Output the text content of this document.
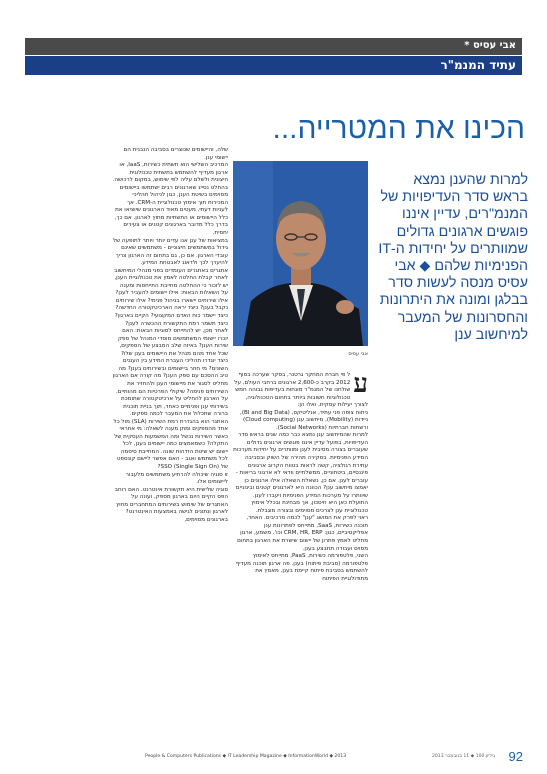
אבי עסיס *
עתיד המנמ"ר
הכינו את המטרייה...
למרות שהענן נמצא בראש סדר העדיפויות של המנמ"רים, עדיין איננו פוגשים ארגונים גדולים שמוותרים על יחידות ה-IT הפנימיות שלהם ◆ אבי עסיס מנסה לעשות סדר בבלגן ומונה את היתרונות והחסרונות של המעבר למיחשוב ענן
אבי עסיס
ע

ל פי חברת המחקר גרטנר, בסקר שערכה בסוף 2012 בקרב כ-2,600 ארגונים ברחבי העולם, על שולחנו של המנמ"ר מונחות בעדיפות גבוהה חמש טכנולוגיות חשובות ביותר בתחום הטכנולוגיה, לצורך יעילות עסקית, ואלו הן:

ניתוח צופה פני עתיד, אנליטיקס, (BI and Big Data), ניידות (Mobility), מיחשוב ענן (Cloud computing) ורשתות חברתיות (Social Networks).

למרות שהמיחשוב ענן נמצא כבר כמה שנים בראש סדר העדיפויות, בפועל עדיין איננו פוגשים ארגונים גדולים שעוברים בצורה מסיבית לענן ומוותרים על יחידות מערכות המידע הפנימיות. בסקירה מהירה של השוק ובסביבה עתירת רגולציה, קשה לראות בטווח הקרוב ארגונים פיננסיים, ביטחוניים, ממשלתיים וודאי לא ארגוני בריאות - עוברים לענן. אם כן, נשאלת השאלה אילו ארגונים כן יאמצו מיחשוב ענן? הכוונה היא לארגונים קטנים ובינוניים שיוותרו על מערכות המידע הפנימיות ויעברו לענן. התועלת כאן היא חיסכון, אך מבחינת ובכלל אימוץ טכנולוגיית ענן לצרכים מסוימים ובצורה מוגבלת.

ראוי לפרק את המושג "ענן" לכמה מרכיבים. האחד, תוכנה כשירות, SaaS, מתייחס לפתרונות ענן אפליקטיביים, כגון: CRM, HR, ERP וכו'. משמע, ארגון מחליט לאמץ פתרון של יישום שישרת את הארגון בתחום מסוים ועבודה תתבצע בענן.

השני, פלטפורמה כשירות, PaaS, מתייחס לאימוץ פלטפורמה (סביבת פיתוח) בענן. פה ארגון תוכנה מעדיף להשתמש בסביבת פיתוח קיימת בענן, מאמץ את מתודולוגיית הפיתוח

שלה, והיישומים שנוצרים בסביבה הנבנית הם יישומי ענן.

המרכיב השלישי הוא תשתית כשירות, IaaS, או ארגון מעדיף להשתמש בתשתית טכנולוגית חיצונית ולשלם עליה לפי שימוש, במקום לרכושה.

בהחלט נסייג שארגונים רבים ישתמשו ביישומים מסוימים בשיטת הענן, כגון לניהול תהליכי המכירות תוך אימוץ טכנולוגיית ה-CRM. אך לעניות דעתי, מעטים מאוד הארגונים שיוציאו את כלל היישומים או התשתיות מחוץ לארגון. אם כך, בדרך כלל מדובר בארגונים קטנים או צעירים יחסית.

במציאות של ענן אנו עדים יותר ויותר לתופעה של גידול במשתמשים חיצוניים - משתמשים שאינם עובדי הארגון. אם כן, גם בתחום זה הארגון צריך להיערך לכך ולדאוג לאבטחת המידע.

אתגרים באתגרים העומדים בפני מנהלי המיחשוב לאחר קבלת החלטה לאמץ את טכנולוגיית הענן, יש לזכור כי ההחלטה מחייבת התייחסות ומענה על השאלות הבאות: אילו יישומים להעביר לענן? אילו שירותים יישארו בניהול פנימי? אילו שירותים נקבל בענן? כיצד יראה הארכיטקטורה החדשה? כיצד יישמר כוח האדם המקצועי? הקיים בארגון? כיצד תשמר רמת התקשורת ההכשרה לענן?

לאחר מכן, יש להתייחס לסוגיות הבאות: האם יוכרו יישומי המשתמשים מוסדי המנהל של ספק שירות הענן? באיזה שלב המבצע של הספקים, שכל אחד מהם מנהל את היישומים בענן שלו? כיצד יוגדרו תהליכי העברת המידע בין העננים השונים? מי חוזר ביישומים ובשירותים בענן? מה טיב ההסכם עם ספק הענן? מה קורה אם הארגון מחליט לסגור את מיישומי הענן ולהחזיר את השירותים פנימה? שיקולי הפרטיות הם מהותיים.

על הארגון להחליט על ארכיטקטורה שתומכת בשירותי ענן ופנימיים כאחד, תוך בניית תוכנית ברורה שתכלול את המעבר לכמה ספקים. האתגר הוא בהגדרת רמת השירות (SLA) מול כל אחד מהספקים ומתן מענה לשאלה: מי אחראי כאשר השירות נכשל ומה המשמעות העסקית של התקלה? כשמאמצים כמה יישומים בענן, לכל יישום יש שיטת הזדהות שונה. המחייבת סיסמה לכל משתמש ואגב - האם אפשר ליישם קונספט של SSO (Single Sign On)?

זו סוגיה שיכולה להרתיע משתמשים מלעבור ליישומים אלו.

סוגיה שלישית היא תקשורת אינטרנט. האם רוחב הפס הקיים היום בארגון מספק, ועונה על האתגרים של שימוש בשירותים המתחברים מחוץ לארגון ונתונים לגישה באמצעות האינטרנט? בארגונים מסוימים,

92
גיליון 100 ◆ 11 בנובמבר 2013
People & Computers Publications ◆ IT Leadership Magazine ◆ InformationWorld ◆ 2013
